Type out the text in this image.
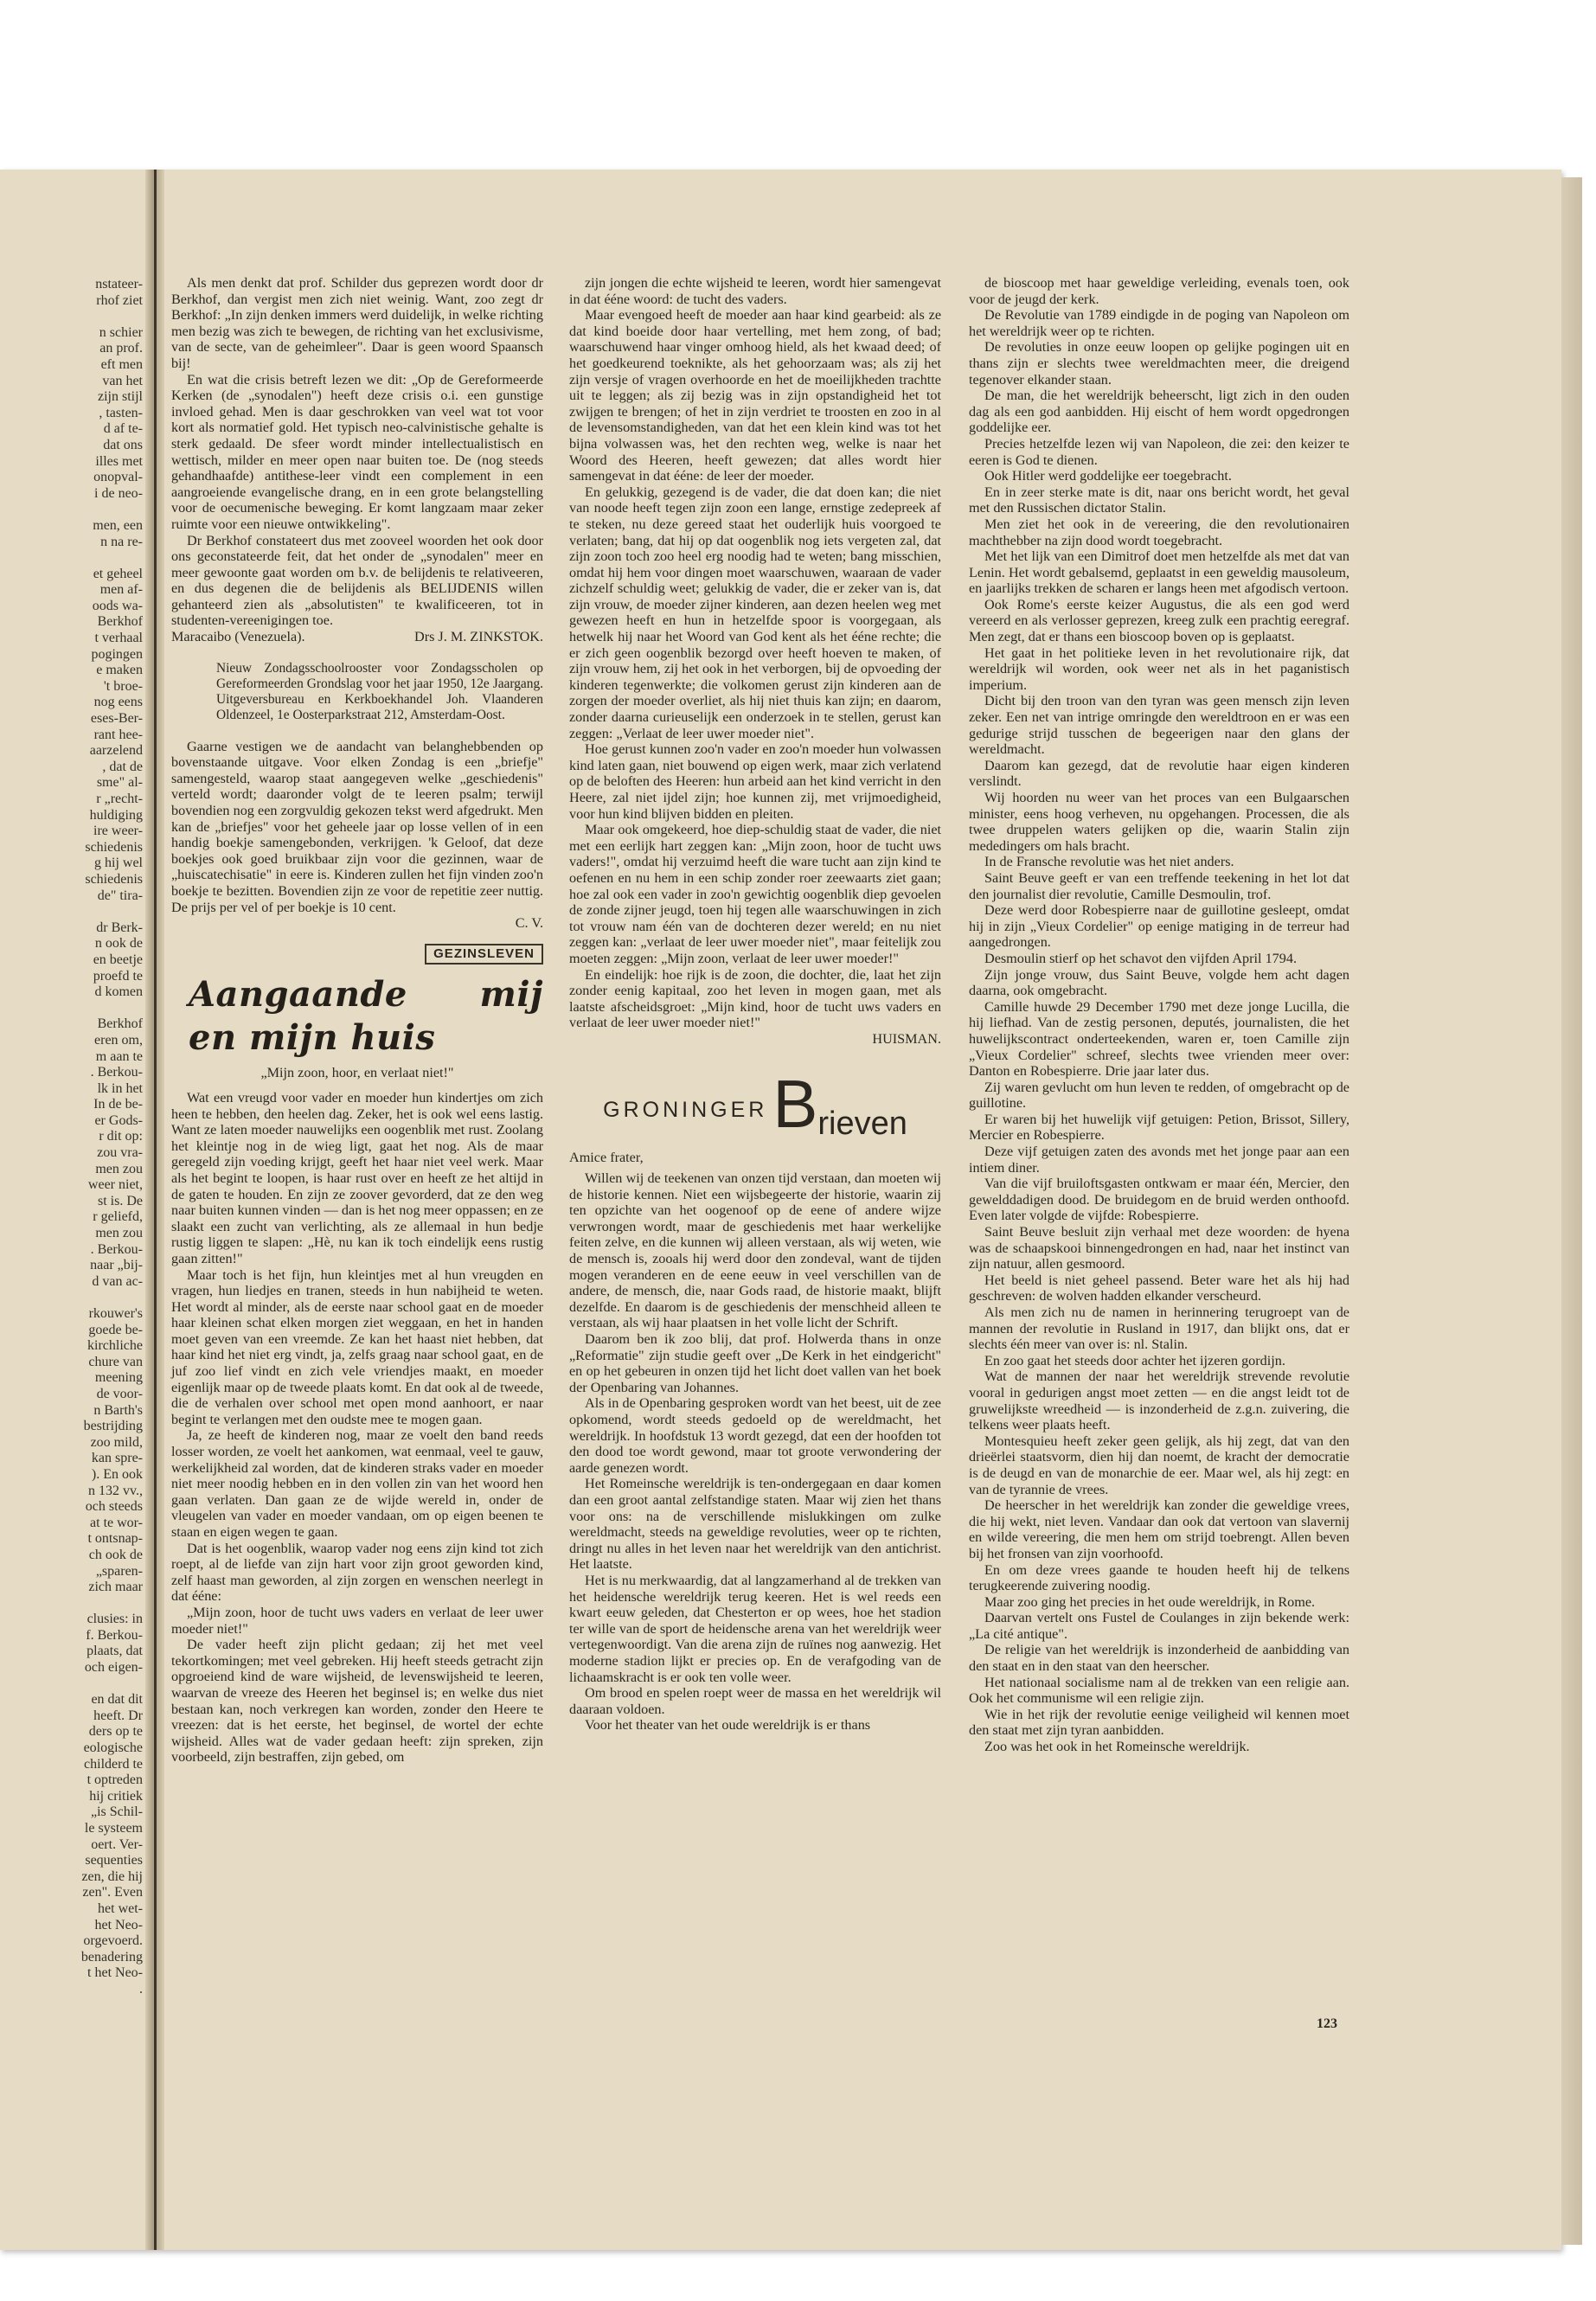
nstateer-
rhof ziet

n schier
an prof.
eft men
van het
zijn stijl
, tasten-
d af te-
dat ons
illes met
onopval-
i de neo-

men, een
n na re-

et geheel
men af-
oods wa-
Berkhof
t verhaal
pogingen
e maken
't broe-
nog eens
eses-Ber-
rant hee-
aarzelend
, dat de
sme" al-
r „recht-
huldiging
ire weer-
schiedenis
g hij wel
schiedenis
de" tira-

dr Berk-
n ook de
en beetje
proefd te
d komen

Berkhof
eren om,
m aan te
. Berkou-
lk in het
In de be-
er Gods-
r dit op:
zou vra-
men zou
weer niet,
st is. De
r geliefd,
men zou
. Berkou-
naar „bij-
d van ac-

rkouwer's
goede be-
kirchliche
chure van
meening
de voor-
n Barth's
bestrijding
zoo mild,
kan spre-
). En ook
n 132 vv.,
och steeds
at te wor-
t ontsnap-
ch ook de
„sparen-
zich maar

clusies: in
f. Berkou-
plaats, dat
och eigen-

en dat dit
heeft. Dr
ders op te
eologische
childerd te
t optreden
hij critiek
„is Schil-
le systeem
oert. Ver-
sequenties
zen, die hij
zen". Even
het wet-
het Neo-
orgevoerd.
benadering
t het Neo-
.

Als men denkt dat prof. Schilder dus geprezen wordt door dr Berkhof, dan vergist men zich niet weinig. Want, zoo zegt dr Berkhof: „In zijn denken immers werd duidelijk, in welke richting men bezig was zich te bewegen, de richting van het exclusivisme, van de secte, van de geheimleer". Daar is geen woord Spaansch bij!

En wat die crisis betreft lezen we dit: „Op de Gereformeerde Kerken (de „synodalen") heeft deze crisis o.i. een gunstige invloed gehad. Men is daar geschrokken van veel wat tot voor kort als normatief gold. Het typisch neo-calvinistische gehalte is sterk gedaald. De sfeer wordt minder intellectualistisch en wettisch, milder en meer open naar buiten toe. De (nog steeds gehandhaafde) antithese-leer vindt een complement in een aangroeiende evangelische drang, en in een grote belangstelling voor de oecumenische beweging. Er komt langzaam maar zeker ruimte voor een nieuwe ontwikkeling".

Dr Berkhof constateert dus met zooveel woorden het ook door ons geconstateerde feit, dat het onder de „synodalen" meer en meer gewoonte gaat worden om b.v. de belijdenis te relativeeren, en dus degenen die de belijdenis als BELIJDENIS willen gehanteerd zien als „absolutisten" te kwalificeeren, tot in studenten-vereenigingen toe.

Maracaibo (Venezuela).	Drs J. M. ZINKSTOK.

Nieuw Zondagsschoolrooster voor Zondagsscholen op Gereformeerden Grondslag voor het jaar 1950, 12e Jaargang. Uitgeversbureau en Kerkboekhandel Joh. Vlaanderen Oldenzeel, 1e Oosterparkstraat 212, Amsterdam-Oost.

Gaarne vestigen we de aandacht van belanghebbenden op bovenstaande uitgave. Voor elken Zondag is een „briefje" samengesteld, waarop staat aangegeven welke „geschiedenis" verteld wordt; daaronder volgt de te leeren psalm; terwijl bovendien nog een zorgvuldig gekozen tekst werd afgedrukt. Men kan de „briefjes" voor het geheele jaar op losse vellen of in een handig boekje samengebonden, verkrijgen. 'k Geloof, dat deze boekjes ook goed bruikbaar zijn voor die gezinnen, waar de „huiscatechisatie" in eere is. Kinderen zullen het fijn vinden zoo'n boekje te bezitten. Bovendien zijn ze voor de repetitie zeer nuttig. De prijs per vel of per boekje is 10 cent.

C. V.

GEZINSLEVEN
Aangaande mij en mijn huis
„Mijn zoon, hoor, en verlaat niet!"

Wat een vreugd voor vader en moeder hun kindertjes om zich heen te hebben, den heelen dag. Zeker, het is ook wel eens lastig. Want ze laten moeder nauwelijks een oogenblik met rust. Zoolang het kleintje nog in de wieg ligt, gaat het nog. Als de maar geregeld zijn voeding krijgt, geeft het haar niet veel werk. Maar als het begint te loopen, is haar rust over en heeft ze het altijd in de gaten te houden. En zijn ze zoover gevorderd, dat ze den weg naar buiten kunnen vinden — dan is het nog meer oppassen; en ze slaakt een zucht van verlichting, als ze allemaal in hun bedje rustig liggen te slapen: „Hè, nu kan ik toch eindelijk eens rustig gaan zitten!"

Maar toch is het fijn, hun kleintjes met al hun vreugden en vragen, hun liedjes en tranen, steeds in hun nabijheid te weten. Het wordt al minder, als de eerste naar school gaat en de moeder haar kleinen schat elken morgen ziet weggaan, en het in handen moet geven van een vreemde. Ze kan het haast niet hebben, dat haar kind het niet erg vindt, ja, zelfs graag naar school gaat, en de juf zoo lief vindt en zich vele vriendjes maakt, en moeder eigenlijk maar op de tweede plaats komt. En dat ook al de tweede, die de verhalen over school met open mond aanhoort, er naar begint te verlangen met den oudste mee te mogen gaan.

Ja, ze heeft de kinderen nog, maar ze voelt den band reeds losser worden, ze voelt het aankomen, wat eenmaal, veel te gauw, werkelijkheid zal worden, dat de kinderen straks vader en moeder niet meer noodig hebben en in den vollen zin van het woord hen gaan verlaten. Dan gaan ze de wijde wereld in, onder de vleugelen van vader en moeder vandaan, om op eigen beenen te staan en eigen wegen te gaan.

Dat is het oogenblik, waarop vader nog eens zijn kind tot zich roept, al de liefde van zijn hart voor zijn groot geworden kind, zelf haast man geworden, al zijn zorgen en wenschen neerlegt in dat ééne:

„Mijn zoon, hoor de tucht uws vaders en verlaat de leer uwer moeder niet!"

De vader heeft zijn plicht gedaan; zij het met veel tekortkomingen; met veel gebreken. Hij heeft steeds getracht zijn opgroeiend kind de ware wijsheid, de levenswijsheid te leeren, waarvan de vreeze des Heeren het beginsel is; en welke dus niet bestaan kan, noch verkregen kan worden, zonder den Heere te vreezen: dat is het eerste, het beginsel, de wortel der echte wijsheid. Alles wat de vader gedaan heeft: zijn spreken, zijn voorbeeld, zijn bestraffen, zijn gebed, om

zijn jongen die echte wijsheid te leeren, wordt hier samengevat in dat ééne woord: de tucht des vaders.

Maar evengoed heeft de moeder aan haar kind gearbeid: als ze dat kind boeide door haar vertelling, met hem zong, of bad; waarschuwend haar vinger omhoog hield, als het kwaad deed; of het goedkeurend toeknikte, als het gehoorzaam was; als zij het zijn versje of vragen overhoorde en het de moeilijkheden trachtte uit te leggen; als zij bezig was in zijn opstandigheid het tot zwijgen te brengen; of het in zijn verdriet te troosten en zoo in al de levensomstandigheden, van dat het een klein kind was tot het bijna volwassen was, het den rechten weg, welke is naar het Woord des Heeren, heeft gewezen; dat alles wordt hier samengevat in dat ééne: de leer der moeder.

En gelukkig, gezegend is de vader, die dat doen kan; die niet van noode heeft tegen zijn zoon een lange, ernstige zedepreek af te steken, nu deze gereed staat het ouderlijk huis voorgoed te verlaten; bang, dat hij op dat oogenblik nog iets vergeten zal, dat zijn zoon toch zoo heel erg noodig had te weten; bang misschien, omdat hij hem voor dingen moet waarschuwen, waaraan de vader zichzelf schuldig weet; gelukkig de vader, die er zeker van is, dat zijn vrouw, de moeder zijner kinderen, aan dezen heelen weg met gewezen heeft en hun in hetzelfde spoor is voorgegaan, als hetwelk hij naar het Woord van God kent als het ééne rechte; die er zich geen oogenblik bezorgd over heeft hoeven te maken, of zijn vrouw hem, zij het ook in het verborgen, bij de opvoeding der kinderen tegenwerkte; die volkomen gerust zijn kinderen aan de zorgen der moeder overliet, als hij niet thuis kan zijn; en daarom, zonder daarna curieuselijk een onderzoek in te stellen, gerust kan zeggen: „Verlaat de leer uwer moeder niet".

Hoe gerust kunnen zoo'n vader en zoo'n moeder hun volwassen kind laten gaan, niet bouwend op eigen werk, maar zich verlatend op de beloften des Heeren: hun arbeid aan het kind verricht in den Heere, zal niet ijdel zijn; hoe kunnen zij, met vrijmoedigheid, voor hun kind blijven bidden en pleiten.

Maar ook omgekeerd, hoe diep-schuldig staat de vader, die niet met een eerlijk hart zeggen kan: „Mijn zoon, hoor de tucht uws vaders!", omdat hij verzuimd heeft die ware tucht aan zijn kind te oefenen en nu hem in een schip zonder roer zeewaarts ziet gaan; hoe zal ook een vader in zoo'n gewichtig oogenblik diep gevoelen de zonde zijner jeugd, toen hij tegen alle waarschuwingen in zich tot vrouw nam één van de dochteren dezer wereld; en nu niet zeggen kan: „verlaat de leer uwer moeder niet", maar feitelijk zou moeten zeggen: „Mijn zoon, verlaat de leer uwer moeder!"

En eindelijk: hoe rijk is de zoon, die dochter, die, laat het zijn zonder eenig kapitaal, zoo het leven in mogen gaan, met als laatste afscheidsgroet: „Mijn kind, hoor de tucht uws vaders en verlaat de leer uwer moeder niet!"

HUISMAN.

GRONINGER B rieven

Amice frater,

Willen wij de teekenen van onzen tijd verstaan, dan moeten wij de historie kennen. Niet een wijsbegeerte der historie, waarin zij ten opzichte van het oogenoof op de eene of andere wijze verwrongen wordt, maar de geschiedenis met haar werkelijke feiten zelve, en die kunnen wij alleen verstaan, als wij weten, wie de mensch is, zooals hij werd door den zondeval, want de tijden mogen veranderen en de eene eeuw in veel verschillen van de andere, de mensch, die, naar Gods raad, de historie maakt, blijft dezelfde. En daarom is de geschiedenis der menschheid alleen te verstaan, als wij haar plaatsen in het volle licht der Schrift.

Daarom ben ik zoo blij, dat prof. Holwerda thans in onze „Reformatie" zijn studie geeft over „De Kerk in het eindgericht" en op het gebeuren in onzen tijd het licht doet vallen van het boek der Openbaring van Johannes.

Als in de Openbaring gesproken wordt van het beest, uit de zee opkomend, wordt steeds gedoeld op de wereldmacht, het wereldrijk. In hoofdstuk 13 wordt gezegd, dat een der hoofden tot den dood toe wordt gewond, maar tot groote verwondering der aarde genezen wordt.

Het Romeinsche wereldrijk is ten-ondergegaan en daar komen dan een groot aantal zelfstandige staten. Maar wij zien het thans voor ons: na de verschillende mislukkingen om zulke wereldmacht, steeds na geweldige revoluties, weer op te richten, dringt nu alles in het leven naar het wereldrijk van den antichrist. Het laatste.

Het is nu merkwaardig, dat al langzamerhand al de trekken van het heidensche wereldrijk terug keeren. Het is wel reeds een kwart eeuw geleden, dat Chesterton er op wees, hoe het stadion ter wille van de sport de heidensche arena van het wereldrijk weer vertegenwoordigt. Van die arena zijn de ruïnes nog aanwezig. Het moderne stadion lijkt er precies op. En de verafgoding van de lichaamskracht is er ook ten volle weer.

Om brood en spelen roept weer de massa en het wereldrijk wil daaraan voldoen.

Voor het theater van het oude wereldrijk is er thans

de bioscoop met haar geweldige verleiding, evenals toen, ook voor de jeugd der kerk.

De Revolutie van 1789 eindigde in de poging van Napoleon om het wereldrijk weer op te richten.

De revoluties in onze eeuw loopen op gelijke pogingen uit en thans zijn er slechts twee wereldmachten meer, die dreigend tegenover elkander staan.

De man, die het wereldrijk beheerscht, ligt zich in den ouden dag als een god aanbidden. Hij eischt of hem wordt opgedrongen goddelijke eer.

Precies hetzelfde lezen wij van Napoleon, die zei: den keizer te eeren is God te dienen.

Ook Hitler werd goddelijke eer toegebracht.

En in zeer sterke mate is dit, naar ons bericht wordt, het geval met den Russischen dictator Stalin.

Men ziet het ook in de vereering, die den revolutionairen machthebber na zijn dood wordt toegebracht.

Met het lijk van een Dimitrof doet men hetzelfde als met dat van Lenin. Het wordt gebalsemd, geplaatst in een geweldig mausoleum, en jaarlijks trekken de scharen er langs heen met afgodisch vertoon.

Ook Rome's eerste keizer Augustus, die als een god werd vereerd en als verlosser geprezen, kreeg zulk een prachtig eeregraf. Men zegt, dat er thans een bioscoop boven op is geplaatst.

Het gaat in het politieke leven in het revolutionaire rijk, dat wereldrijk wil worden, ook weer net als in het paganistisch imperium.

Dicht bij den troon van den tyran was geen mensch zijn leven zeker. Een net van intrige omringde den wereldtroon en er was een gedurige strijd tusschen de begeerigen naar den glans der wereldmacht.

Daarom kan gezegd, dat de revolutie haar eigen kinderen verslindt.

Wij hoorden nu weer van het proces van een Bulgaarschen minister, eens hoog verheven, nu opgehangen. Processen, die als twee druppelen waters gelijken op die, waarin Stalin zijn mededingers om hals bracht.

In de Fransche revolutie was het niet anders.

Saint Beuve geeft er van een treffende teekening in het lot dat den journalist dier revolutie, Camille Desmoulin, trof.

Deze werd door Robespierre naar de guillotine gesleept, omdat hij in zijn „Vieux Cordelier" op eenige matiging in de terreur had aangedrongen.

Desmoulin stierf op het schavot den vijfden April 1794.

Zijn jonge vrouw, dus Saint Beuve, volgde hem acht dagen daarna, ook omgebracht.

Camille huwde 29 December 1790 met deze jonge Lucilla, die hij liefhad. Van de zestig personen, deputés, journalisten, die het huwelijkscontract onderteekenden, waren er, toen Camille zijn „Vieux Cordelier" schreef, slechts twee vrienden meer over: Danton en Robespierre. Drie jaar later dus.

Zij waren gevlucht om hun leven te redden, of omgebracht op de guillotine.

Er waren bij het huwelijk vijf getuigen: Petion, Brissot, Sillery, Mercier en Robespierre.

Deze vijf getuigen zaten des avonds met het jonge paar aan een intiem diner.

Van die vijf bruiloftsgasten ontkwam er maar één, Mercier, den gewelddadigen dood. De bruidegom en de bruid werden onthoofd. Even later volgde de vijfde: Robespierre.

Saint Beuve besluit zijn verhaal met deze woorden: de hyena was de schaapskooi binnengedrongen en had, naar het instinct van zijn natuur, allen gesmoord.

Het beeld is niet geheel passend. Beter ware het als hij had geschreven: de wolven hadden elkander verscheurd.

Als men zich nu de namen in herinnering terugroept van de mannen der revolutie in Rusland in 1917, dan blijkt ons, dat er slechts één meer van over is: nl. Stalin.

En zoo gaat het steeds door achter het ijzeren gordijn.

Wat de mannen der naar het wereldrijk strevende revolutie vooral in gedurigen angst moet zetten — en die angst leidt tot de gruwelijkste wreedheid — is inzonderheid de z.g.n. zuivering, die telkens weer plaats heeft.

Montesquieu heeft zeker geen gelijk, als hij zegt, dat van den drieërlei staatsvorm, dien hij dan noemt, de kracht der democratie is de deugd en van de monarchie de eer. Maar wel, als hij zegt: en van de tyrannie de vrees.

De heerscher in het wereldrijk kan zonder die geweldige vrees, die hij wekt, niet leven. Vandaar dan ook dat vertoon van slavernij en wilde vereering, die men hem om strijd toebrengt. Allen beven bij het fronsen van zijn voorhoofd.

En om deze vrees gaande te houden heeft hij de telkens terugkeerende zuivering noodig.

Maar zoo ging het precies in het oude wereldrijk, in Rome.

Daarvan vertelt ons Fustel de Coulanges in zijn bekende werk: „La cité antique".

De religie van het wereldrijk is inzonderheid de aanbidding van den staat en in den staat van den heerscher.

Het nationaal socialisme nam al de trekken van een religie aan. Ook het communisme wil een religie zijn.

Wie in het rijk der revolutie eenige veiligheid wil kennen moet den staat met zijn tyran aanbidden.

Zoo was het ook in het Romeinsche wereldrijk.

123
